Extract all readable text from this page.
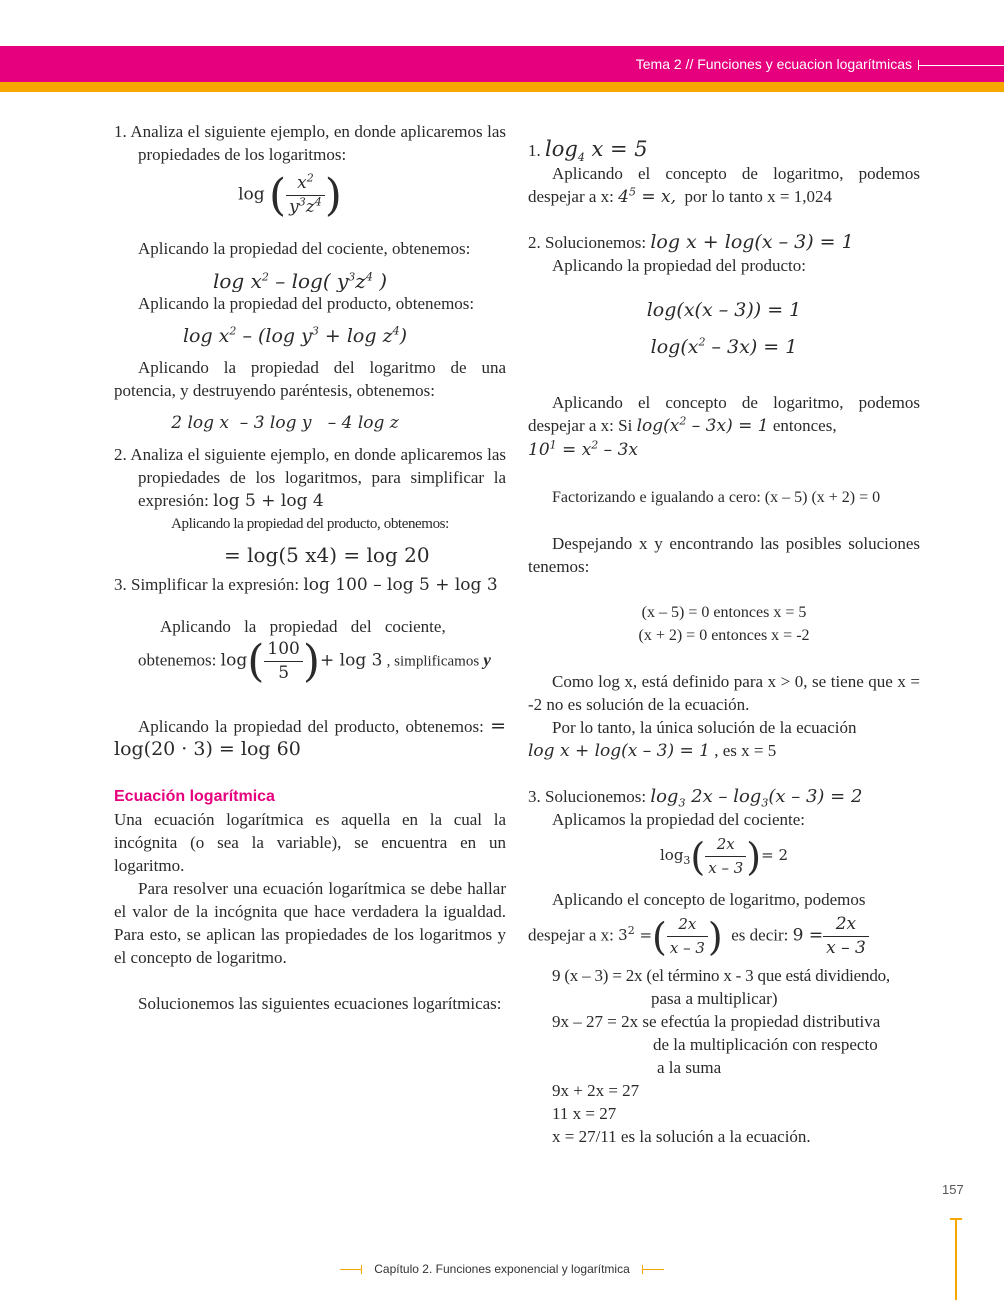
Tema 2 // Funciones y ecuacion logarítmicas

1. Analiza el siguiente ejemplo, en donde aplicaremos las propiedades de los logaritmos:

log ( $\frac{x^2}{y^3z^4}$ )

Aplicando la propiedad del cociente, obtenemos:

$\log x^2 - \log$( $y^3z^4$ )

Aplicando la propiedad del producto, obtenemos:

$\log x^2 - (\log$ $y^3 + \log z^4$)

Aplicando la propiedad del logaritmo de una potencia, y destruyendo paréntesis, obtenemos:

2 log x  – 3 log y   – 4 log z

2. Analiza el siguiente ejemplo, en donde aplicaremos las propiedades de los logaritmos, para simplificar la expresión: log 5 + log 4

Aplicando la propiedad del producto, obtenemos:

= log(5 x4) = log 20

3. Simplificar la expresión: log 100 – log 5 + log 3

Aplicando la propiedad del cociente,

obtenemos: $\log( \frac{100}{5}$ )+ log 3 , simplificamos y

Aplicando la propiedad del producto, obtenemos: = log(20 · 3) = log 60

Ecuación logarítmica

Una ecuación logarítmica es aquella en la cual la incógnita (o sea la variable), se encuentra en un logaritmo.

Para resolver una ecuación logarítmica se debe hallar el valor de la incógnita que hace verdadera la igualdad. Para esto, se aplican las propiedades de los logaritmos y el concepto de logaritmo.

Solucionemos las siguientes ecuaciones logarítmicas:

1. $\log_4 x = 5$

Aplicando el concepto de logaritmo, podemos despejar a x: $4^5 = x$, por lo tanto x = 1,024

2. Solucionemos: log x + log(x – 3) = 1

Aplicando la propiedad del producto:

log(x(x – 3)) = 1
$\log(x^2 - 3x) = 1$

Aplicando el concepto de logaritmo, podemos despejar a x: Si $\log(x^2 - 3x) = 1$ entonces,
$10^1 = x^2 - 3x$

Factorizando e igualando a cero: (x – 5) (x + 2) = 0

Despejando x y encontrando las posibles soluciones tenemos:

(x – 5) = 0 entonces x = 5

(x + 2) = 0 entonces x = -2

Como log x, está definido para x > 0, se tiene que x = -2 no es solución de la ecuación.

Por lo tanto, la única solución de la ecuación

log x + log(x – 3) = 1 , es x = 5

3. Solucionemos: $\log_3 2x - \log_3(x - 3) = 2$

Aplicamos la propiedad del cociente:

$\log_3( \frac{2x}{x - 3}$ )= 2

Aplicando el concepto de logaritmo, podemos

despejar a x: $3^2$ =( $\frac{2x}{x - 3}$ ) es decir: $9 = \frac{2x}{x - 3}$

9 (x – 3) = 2x (el término x - 3 que está dividiendo,

pasa a multiplicar)

9x – 27 = 2x se efectúa la propiedad distributiva

de la multiplicación con respecto

a la suma

9x + 2x = 27

11 x = 27

x = 27/11 es la solución a la ecuación.

157
Capítulo 2. Funciones exponencial y logarítmica
